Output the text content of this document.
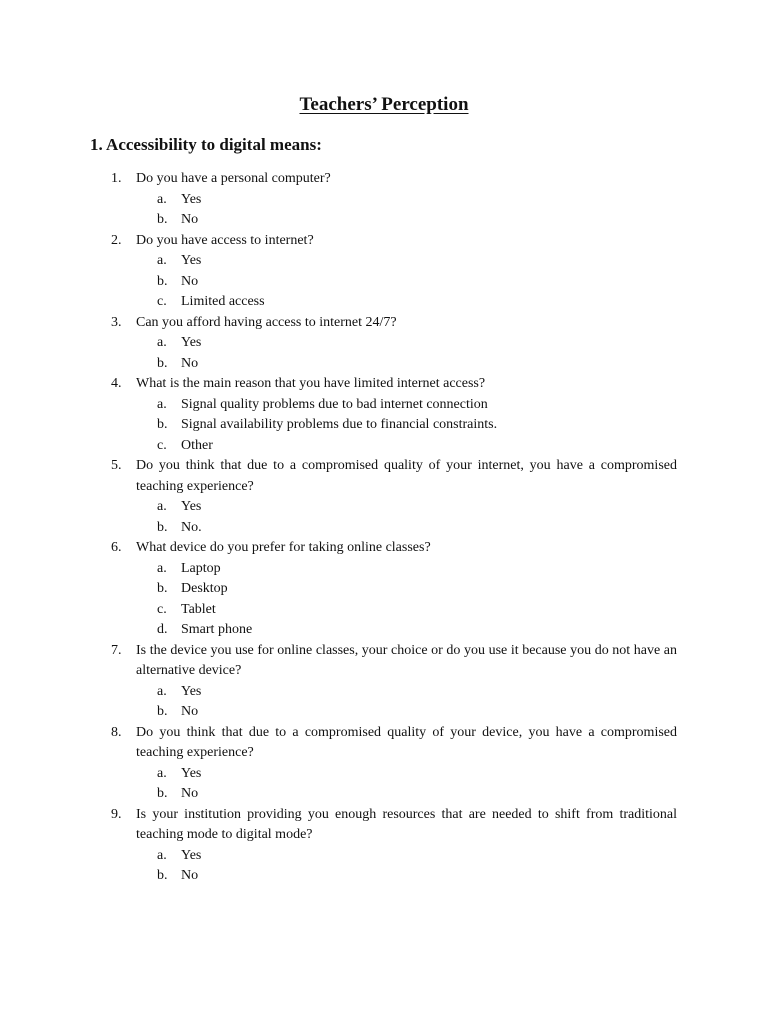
Teachers’ Perception
1. Accessibility to digital means:
1.	Do you have a personal computer?
a. Yes
b. No
2.	Do you have access to internet?
a. Yes
b. No
c. Limited access
3.	Can you afford having access to internet 24/7?
a. Yes
b. No
4.	What is the main reason that you have limited internet access?
a. Signal quality problems due to bad internet connection
b. Signal availability problems due to financial constraints.
c. Other
5.	Do you think that due to a compromised quality of your internet, you have a compromised teaching experience?
a. Yes
b. No.
6.	What device do you prefer for taking online classes?
a. Laptop
b. Desktop
c. Tablet
d. Smart phone
7.	Is the device you use for online classes, your choice or do you use it because you do not have an alternative device?
a. Yes
b. No
8.	Do you think that due to a compromised quality of your device, you have a compromised teaching experience?
a. Yes
b. No
9.	Is your institution providing you enough resources that are needed to shift from traditional teaching mode to digital mode?
a. Yes
b. No
